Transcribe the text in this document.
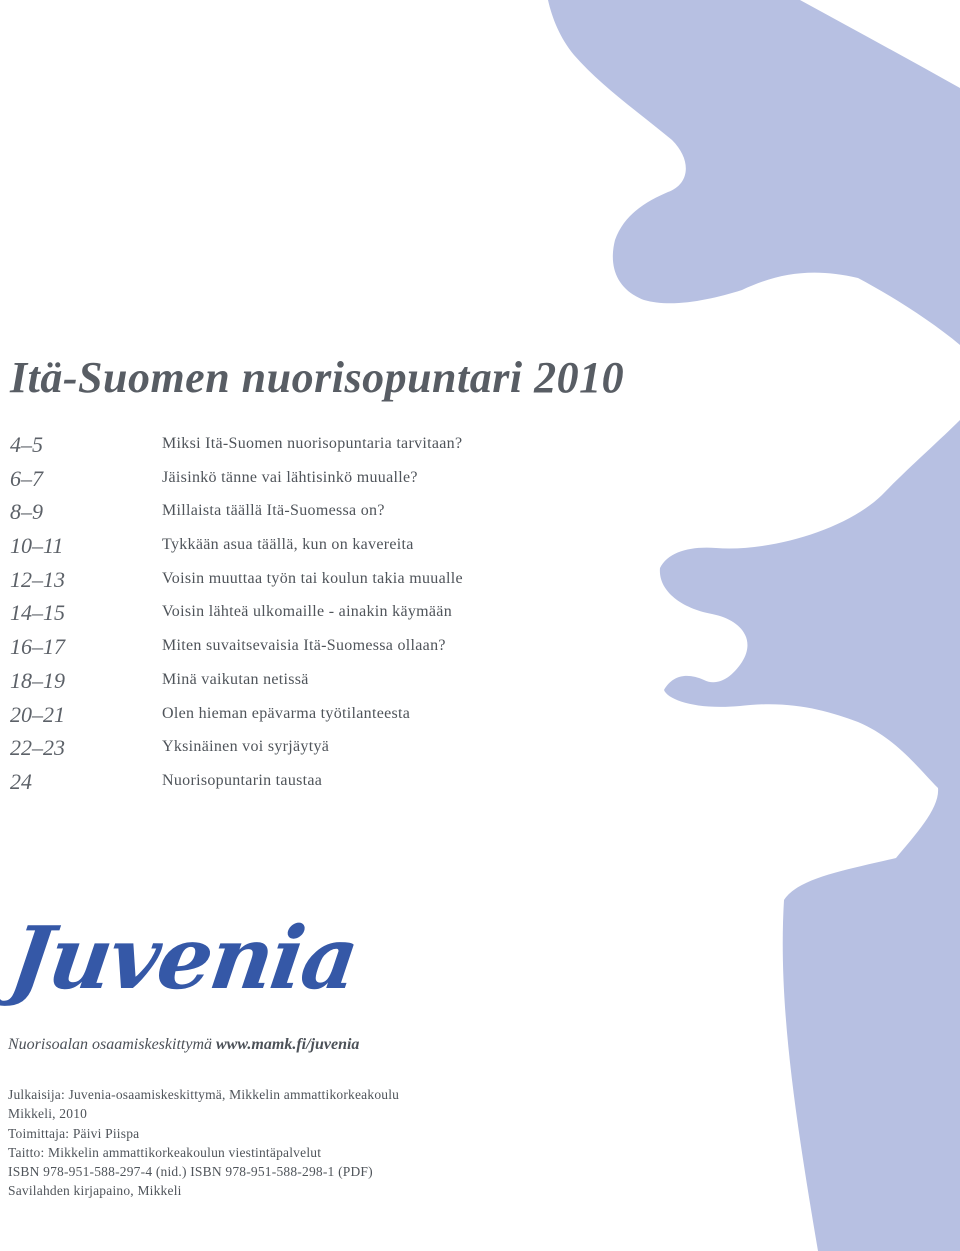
Itä-Suomen nuorisopuntari 2010
4–5	Miksi Itä-Suomen nuorisopuntaria tarvitaan?
6–7	Jäisinkö tänne vai lähtisinkö muualle?
8–9	Millaista täällä Itä-Suomessa on?
10–11	Tykkään asua täällä, kun on kavereita
12–13	Voisin muuttaa työn tai koulun takia muualle
14–15	Voisin lähteä ulkomaille - ainakin käymään
16–17	Miten suvaitsevaisia Itä-Suomessa ollaan?
18–19	Minä vaikutan netissä
20–21	Olen hieman epävarma työtilanteesta
22–23	Yksinäinen voi syrjäytyä
24	Nuorisopuntarin taustaa
Juvenia
Nuorisoalan osaamiskeskittymä www.mamk.fi/juvenia
Julkaisija: Juvenia-osaamiskeskittymä, Mikkelin ammattikorkeakoulu
Mikkeli, 2010
Toimittaja: Päivi Piispa
Taitto: Mikkelin ammattikorkeakoulun viestintäpalvelut
ISBN 978-951-588-297-4 (nid.) ISBN 978-951-588-298-1 (PDF)
Savilahden kirjapaino, Mikkeli
